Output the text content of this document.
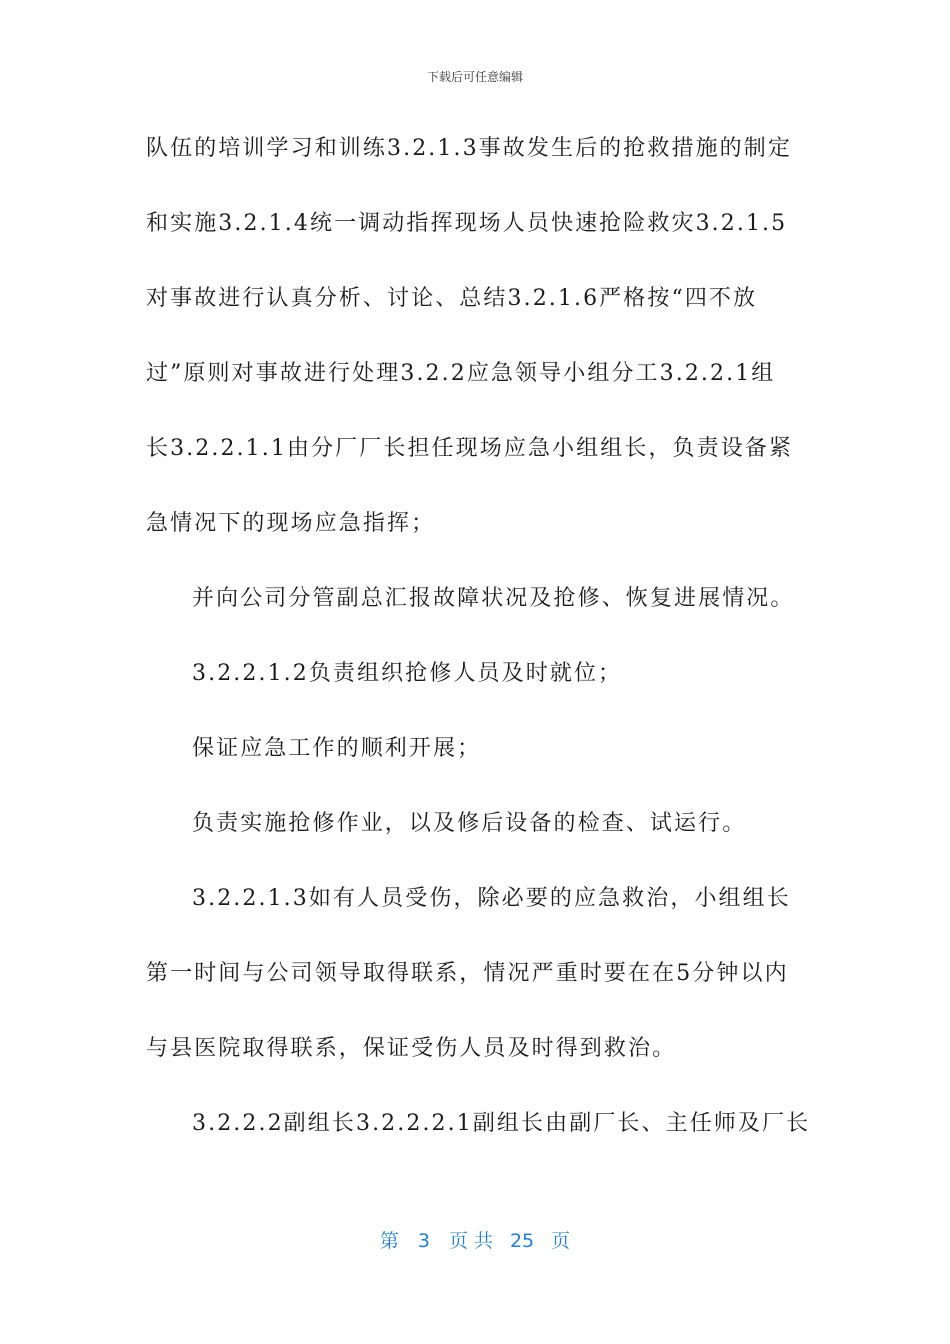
下载后可任意编辑
队伍的培训学习和训练3.2.1.3事故发生后的抢救措施的制定
和实施3.2.1.4统一调动指挥现场人员快速抢险救灾3.2.1.5
对事故进行认真分析、讨论、总结3.2.1.6严格按“四不放
过”原则对事故进行处理3.2.2应急领导小组分工3.2.2.1组
长3.2.2.1.1由分厂厂长担任现场应急小组组长，负责设备紧
急情况下的现场应急指挥；
并向公司分管副总汇报故障状况及抢修、恢复进展情况。
3.2.2.1.2负责组织抢修人员及时就位；
保证应急工作的顺利开展；
负责实施抢修作业，以及修后设备的检查、试运行。
3.2.2.1.3如有人员受伤，除必要的应急救治，小组组长
第一时间与公司领导取得联系，情况严重时要在在5分钟以内
与县医院取得联系，保证受伤人员及时得到救治。
3.2.2.2副组长3.2.2.2.1副组长由副厂长、主任师及厂长
第 3 页 共 25 页
